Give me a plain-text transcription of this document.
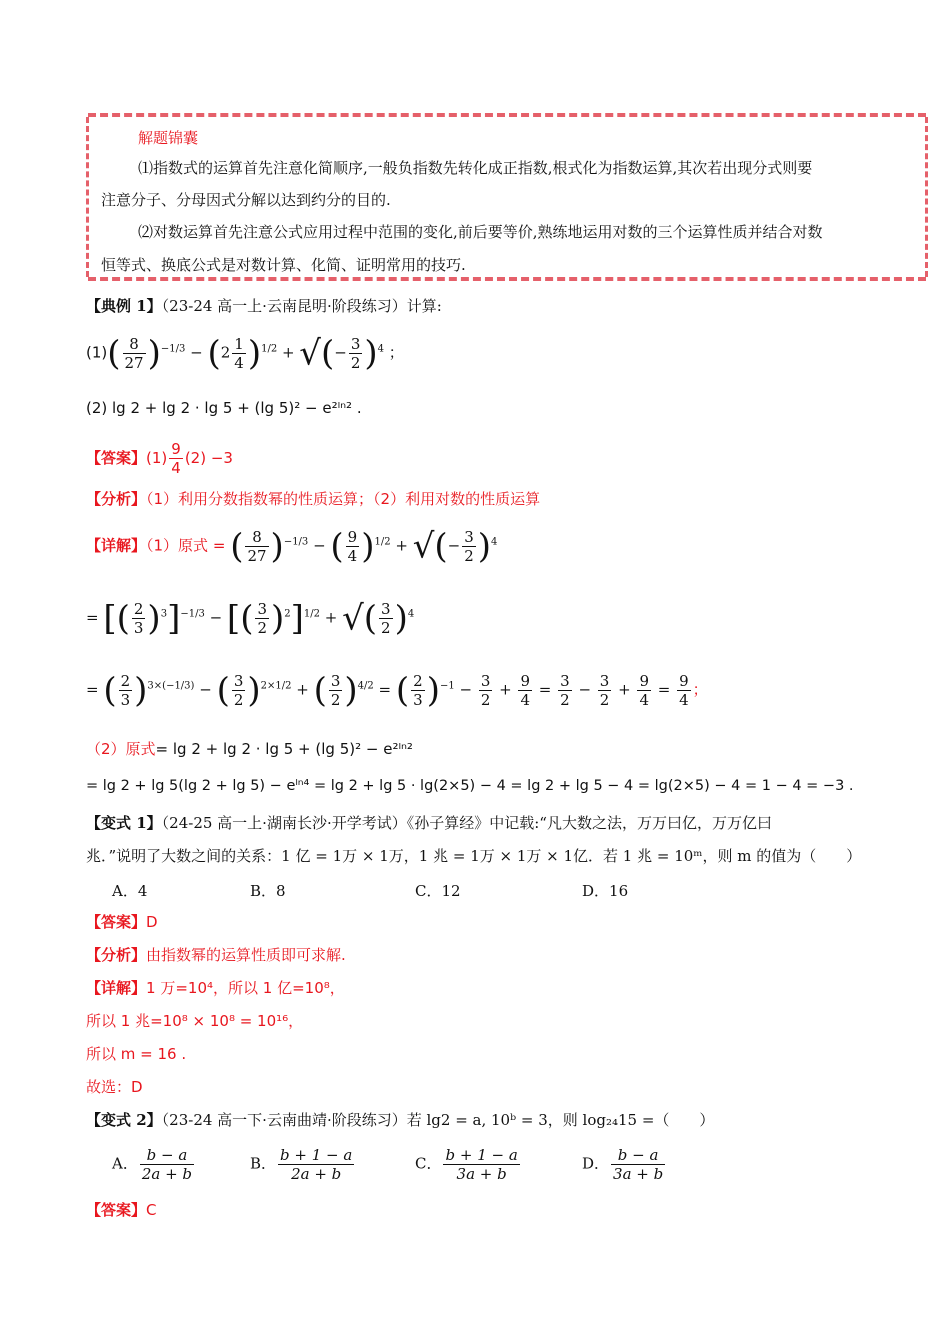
解题锦囊
⑴指数式的运算首先注意化简顺序,一般负指数先转化成正指数,根式化为指数运算,其次若出现分式则要
注意分子、分母因式分解以达到约分的目的.
⑵对数运算首先注意公式应用过程中范围的变化,前后要等价,熟练地运用对数的三个运算性质并结合对数
恒等式、换底公式是对数计算、化简、证明常用的技巧.
【典例 1】（23-24 高一上·云南昆明·阶段练习）计算:
$(1)( \frac{8}{27} )^{-1/3} - (2 \frac{1}{4} )^{1/2}$ + √(− $\frac{3}{2} )^4$ ；
(2) lg 2 + lg 2 · lg 5 + (lg 5)² − e²ˡⁿ² .
【答案】$(1) \frac{9}{4} (2) -3$
【分析】（1）利用分数指数幂的性质运算；（2）利用对数的性质运算
【详解】（1）原式 = ( $\frac{8}{27} )^{-1/3}$ − ( $\frac{9}{4} )^{1/2}$ + √(− $\frac{3}{2} )^4$
= [( $\frac{2}{3} )^3]^{-1/3}$ − [( $\frac{3}{2} )^2]^{1/2}$ + √( $\frac{3}{2} )^4$
= ( $\frac{2}{3} )^{3\times(-1/3)}$ − ( $\frac{3}{2} )^{2\times 1/2}$ + ( $\frac{3}{2} )^{4/2}$ = ( $\frac{2}{3} )^{-1} - \frac{3}{2} + \frac{9}{4} = \frac{3}{2} - \frac{3}{2} + \frac{9}{4} = \frac{9}{4}$ ；
（2）原式= lg 2 + lg 2 · lg 5 + (lg 5)² − e²ˡⁿ²
= lg 2 + lg 5(lg 2 + lg 5) − eˡⁿ⁴ = lg 2 + lg 5 · lg(2×5) − 4 = lg 2 + lg 5 − 4 = lg(2×5) − 4 = 1 − 4 = −3 .
【变式 1】（24-25 高一上·湖南长沙·开学考试）《孙子算经》中记载:“凡大数之法，万万曰亿，万万亿曰
兆．”说明了大数之间的关系：1 亿 = 1万 × 1万，1 兆 = 1万 × 1万 × 1亿．若 1 兆 = 10ᵐ，则 m 的值为（　　）
A．4	B．8	C．12	D．16
【答案】D
【分析】由指数幂的运算性质即可求解.
【详解】1 万=10⁴，所以 1 亿=10⁸，
所以 1 兆=10⁸ × 10⁸ = 10¹⁶，
所以 m = 16 .
故选：D
【变式 2】（23-24 高一下·云南曲靖·阶段练习）若 lg2 = a, 10ᵇ = 3，则 log₂₄15 =（　　）
A． $\frac{b - a}{2a + b}$	B． $\frac{b + 1 - a}{2a + b}$	C． $\frac{b + 1 - a}{3a + b}$	D． $\frac{b - a}{3a + b}$
【答案】C
